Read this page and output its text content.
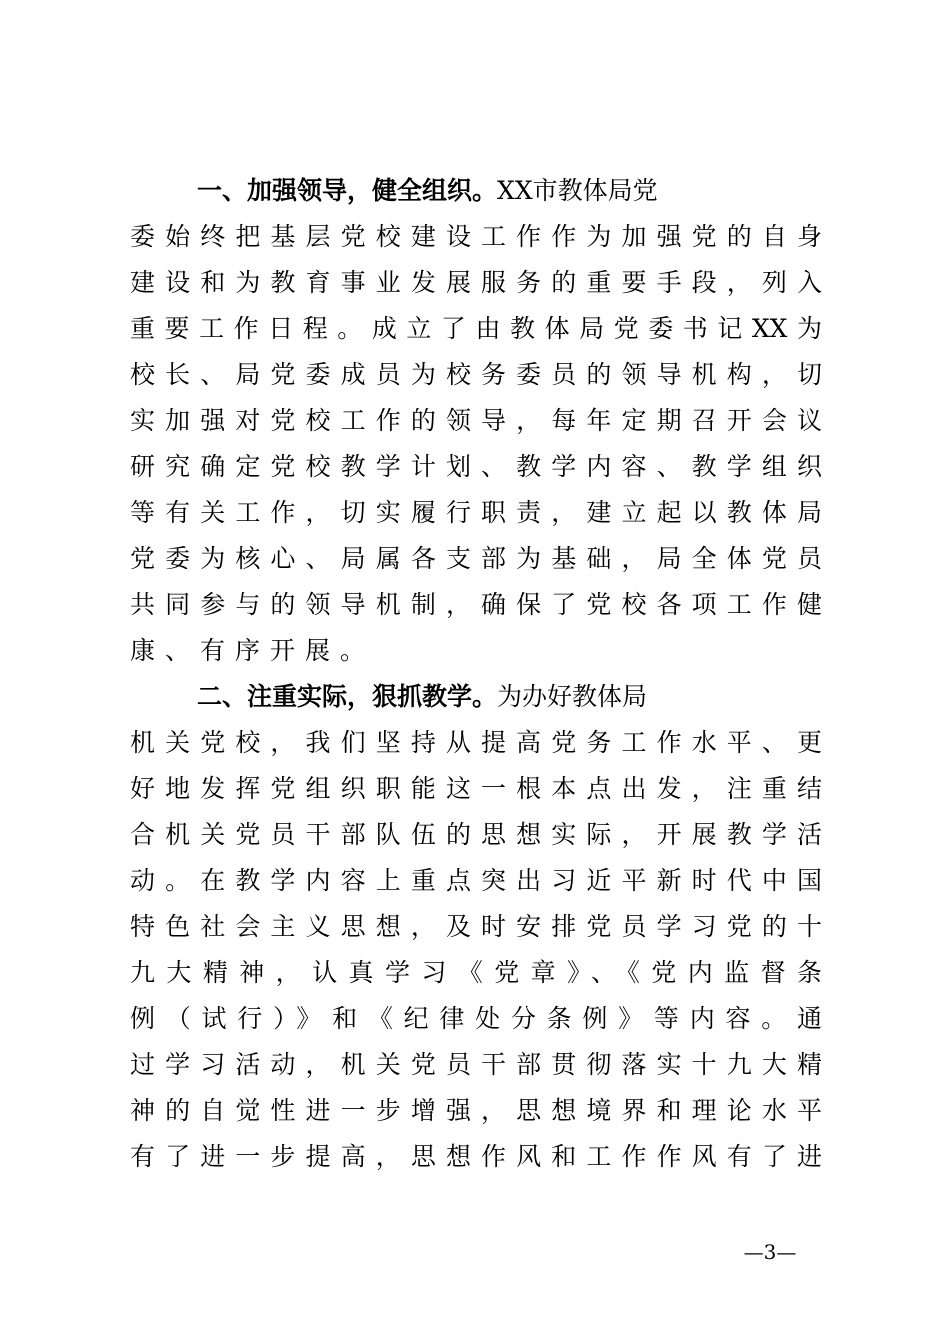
一、加强领导，健全组织。XX市教体局党
委始终把基层党校建设工作作为加强党的自身
建设和为教育事业发展服务的重要手段，列入
重要工作日程。成立了由教体局党委书记XX为
校长、局党委成员为校务委员的领导机构，切
实加强对党校工作的领导，每年定期召开会议
研究确定党校教学计划、教学内容、教学组织
等有关工作，切实履行职责，建立起以教体局
党委为核心、局属各支部为基础，局全体党员
共同参与的领导机制，确保了党校各项工作健
康、有序开展。
二、注重实际，狠抓教学。为办好教体局
机关党校，我们坚持从提高党务工作水平、更
好地发挥党组织职能这一根本点出发，注重结
合机关党员干部队伍的思想实际，开展教学活
动。在教学内容上重点突出习近平新时代中国
特色社会主义思想，及时安排党员学习党的十
九大精神，认真学习《党章》、《党内监督条
例（试行）》和《纪律处分条例》等内容。通
过学习活动，机关党员干部贯彻落实十九大精
神的自觉性进一步增强，思想境界和理论水平
有了进一步提高，思想作风和工作作风有了进
—3—
